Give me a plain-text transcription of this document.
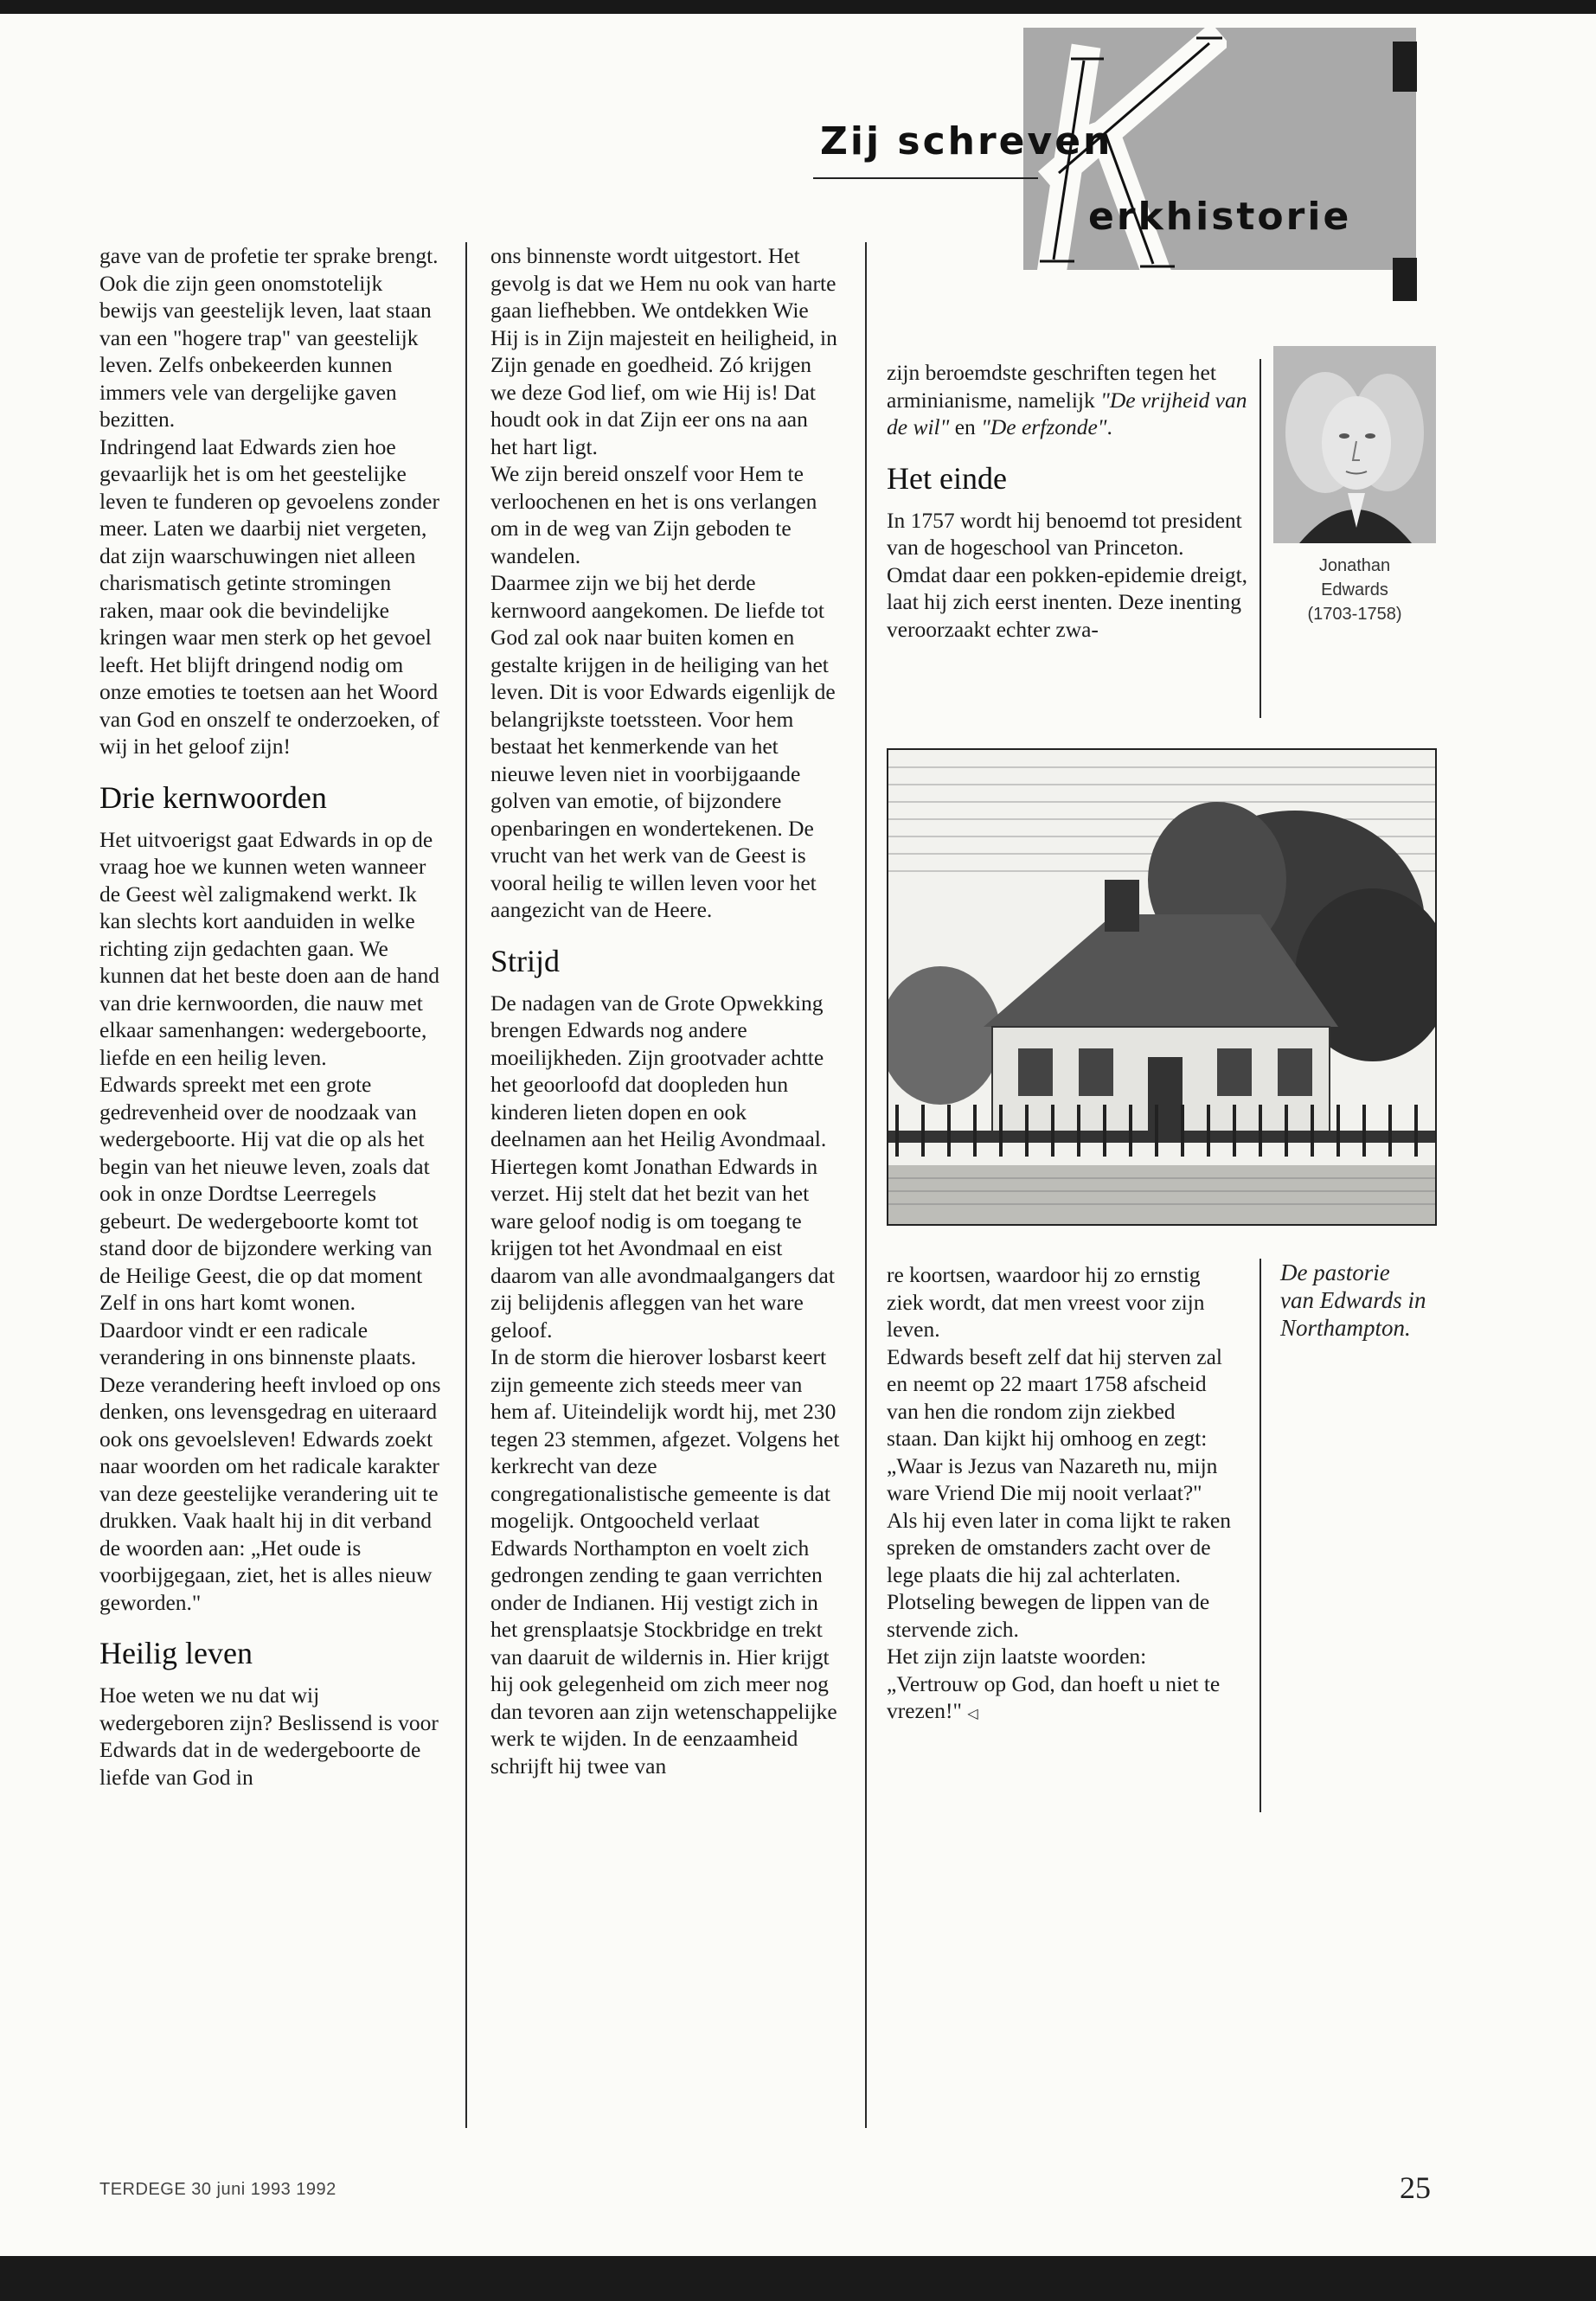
Zij schreven
erkhistorie

gave van de profetie ter sprake brengt. Ook die zijn geen onomstotelijk bewijs van geestelijk leven, laat staan van een "hogere trap" van geestelijk leven. Zelfs onbekeerden kunnen immers vele van dergelijke gaven bezitten.

Indringend laat Edwards zien hoe gevaarlijk het is om het geestelijke leven te funderen op gevoelens zonder meer. Laten we daarbij niet vergeten, dat zijn waarschuwingen niet alleen charismatisch getinte stromingen raken, maar ook die bevindelijke kringen waar men sterk op het gevoel leeft. Het blijft dringend nodig om onze emoties te toetsen aan het Woord van God en onszelf te onderzoeken, of wij in het geloof zijn!

Drie kernwoorden

Het uitvoerigst gaat Edwards in op de vraag hoe we kunnen weten wanneer de Geest wèl zaligmakend werkt. Ik kan slechts kort aanduiden in welke richting zijn gedachten gaan. We kunnen dat het beste doen aan de hand van drie kernwoorden, die nauw met elkaar samenhangen: wedergeboorte, liefde en een heilig leven.

Edwards spreekt met een grote gedrevenheid over de noodzaak van wedergeboorte. Hij vat die op als het begin van het nieuwe leven, zoals dat ook in onze Dordtse Leerregels gebeurt. De wedergeboorte komt tot stand door de bijzondere werking van de Heilige Geest, die op dat moment Zelf in ons hart komt wonen. Daardoor vindt er een radicale verandering in ons binnenste plaats. Deze verandering heeft invloed op ons denken, ons levensgedrag en uiteraard ook ons gevoelsleven! Edwards zoekt naar woorden om het radicale karakter van deze geestelijke verandering uit te drukken. Vaak haalt hij in dit verband de woorden aan: „Het oude is voorbijgegaan, ziet, het is alles nieuw geworden."

Heilig leven

Hoe weten we nu dat wij wedergeboren zijn? Beslissend is voor Edwards dat in de wedergeboorte de liefde van God in

ons binnenste wordt uitgestort. Het gevolg is dat we Hem nu ook van harte gaan liefhebben. We ontdekken Wie Hij is in Zijn majesteit en heiligheid, in Zijn genade en goedheid. Zó krijgen we deze God lief, om wie Hij is! Dat houdt ook in dat Zijn eer ons na aan het hart ligt.

We zijn bereid onszelf voor Hem te verloochenen en het is ons verlangen om in de weg van Zijn geboden te wandelen.

Daarmee zijn we bij het derde kernwoord aangekomen. De liefde tot God zal ook naar buiten komen en gestalte krijgen in de heiliging van het leven. Dit is voor Edwards eigenlijk de belangrijkste toetssteen. Voor hem bestaat het kenmerkende van het nieuwe leven niet in voorbijgaande golven van emotie, of bijzondere openbaringen en wondertekenen. De vrucht van het werk van de Geest is vooral heilig te willen leven voor het aangezicht van de Heere.

Strijd

De nadagen van de Grote Opwekking brengen Edwards nog andere moeilijkheden. Zijn grootvader achtte het geoorloofd dat doopleden hun kinderen lieten dopen en ook deelnamen aan het Heilig Avondmaal. Hiertegen komt Jonathan Edwards in verzet. Hij stelt dat het bezit van het ware geloof nodig is om toegang te krijgen tot het Avondmaal en eist daarom van alle avondmaalgangers dat zij belijdenis afleggen van het ware geloof.

In de storm die hierover losbarst keert zijn gemeente zich steeds meer van hem af. Uiteindelijk wordt hij, met 230 tegen 23 stemmen, afgezet. Volgens het kerkrecht van deze congregationalistische gemeente is dat mogelijk. Ontgoocheld verlaat Edwards Northampton en voelt zich gedrongen zending te gaan verrichten onder de Indianen. Hij vestigt zich in het grensplaatsje Stockbridge en trekt van daaruit de wildernis in. Hier krijgt hij ook gelegenheid om zich meer nog dan tevoren aan zijn wetenschappelijke werk te wijden. In de eenzaamheid schrijft hij twee van

zijn beroemdste geschriften tegen het arminianisme, namelijk "De vrijheid van de wil" en "De erfzonde".

Het einde

In 1757 wordt hij benoemd tot president van de hogeschool van Princeton. Omdat daar een pokken-epidemie dreigt, laat hij zich eerst inenten. Deze inenting veroorzaakt echter zwa-

Jonathan
Edwards
(1703-1758)
De pastorie van Edwards in Northampton.

re koortsen, waardoor hij zo ernstig ziek wordt, dat men vreest voor zijn leven.

Edwards beseft zelf dat hij sterven zal en neemt op 22 maart 1758 afscheid van hen die rondom zijn ziekbed staan. Dan kijkt hij omhoog en zegt: „Waar is Jezus van Nazareth nu, mijn ware Vriend Die mij nooit verlaat?" Als hij even later in coma lijkt te raken spreken de omstanders zacht over de lege plaats die hij zal achterlaten. Plotseling bewegen de lippen van de stervende zich.

Het zijn zijn laatste woorden: „Vertrouw op God, dan hoeft u niet te vrezen!" ◁

TERDEGE 30 juni 1993 1992	25
